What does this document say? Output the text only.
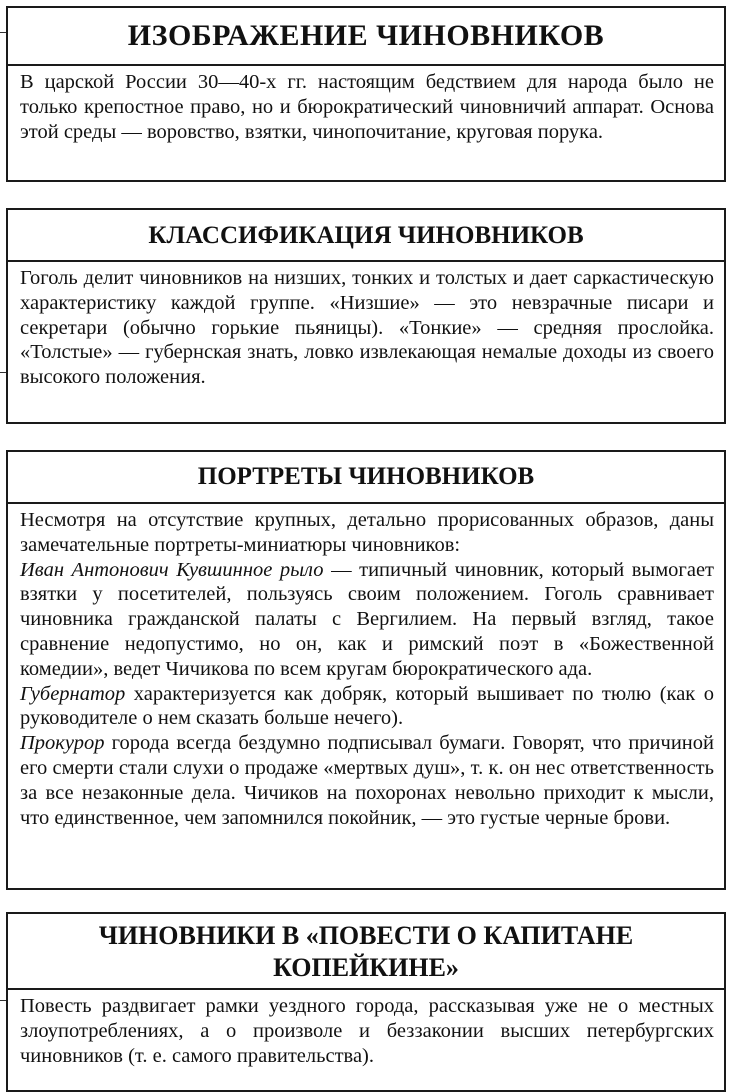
ИЗОБРАЖЕНИЕ ЧИНОВНИКОВ

В царской России 30—40-х гг. настоящим бедствием для народа было не только крепостное право, но и бюрократический чиновничий аппарат. Основа этой среды — воровство, взятки, чинопочитание, круговая порука.

КЛАССИФИКАЦИЯ ЧИНОВНИКОВ

Гоголь делит чиновников на низших, тонких и толстых и дает саркастическую характеристику каждой группе. «Низшие» — это невзрачные писари и секретари (обычно горькие пьяницы). «Тонкие» — средняя прослойка. «Толстые» — губернская знать, ловко извлекающая немалые доходы из своего высокого положения.

ПОРТРЕТЫ ЧИНОВНИКОВ

Несмотря на отсутствие крупных, детально прорисованных образов, даны замечательные портреты-миниатюры чиновников:

Иван Антонович Кувшинное рыло — типичный чиновник, который вымогает взятки у посетителей, пользуясь своим положением. Гоголь сравнивает чиновника гражданской палаты с Вергилием. На первый взгляд, такое сравнение недопустимо, но он, как и римский поэт в «Божественной комедии», ведет Чичикова по всем кругам бюрократического ада.

Губернатор характеризуется как добряк, который вышивает по тюлю (как о руководителе о нем сказать больше нечего).

Прокурор города всегда бездумно подписывал бумаги. Говорят, что причиной его смерти стали слухи о продаже «мертвых душ», т. к. он нес ответственность за все незаконные дела. Чичиков на похоронах невольно приходит к мысли, что единственное, чем запомнился покойник, — это густые черные брови.

ЧИНОВНИКИ В «ПОВЕСТИ О КАПИТАНЕ КОПЕЙКИНЕ»

Повесть раздвигает рамки уездного города, рассказывая уже не о местных злоупотреблениях, а о произволе и беззаконии высших петербургских чиновников (т. е. самого правительства).
